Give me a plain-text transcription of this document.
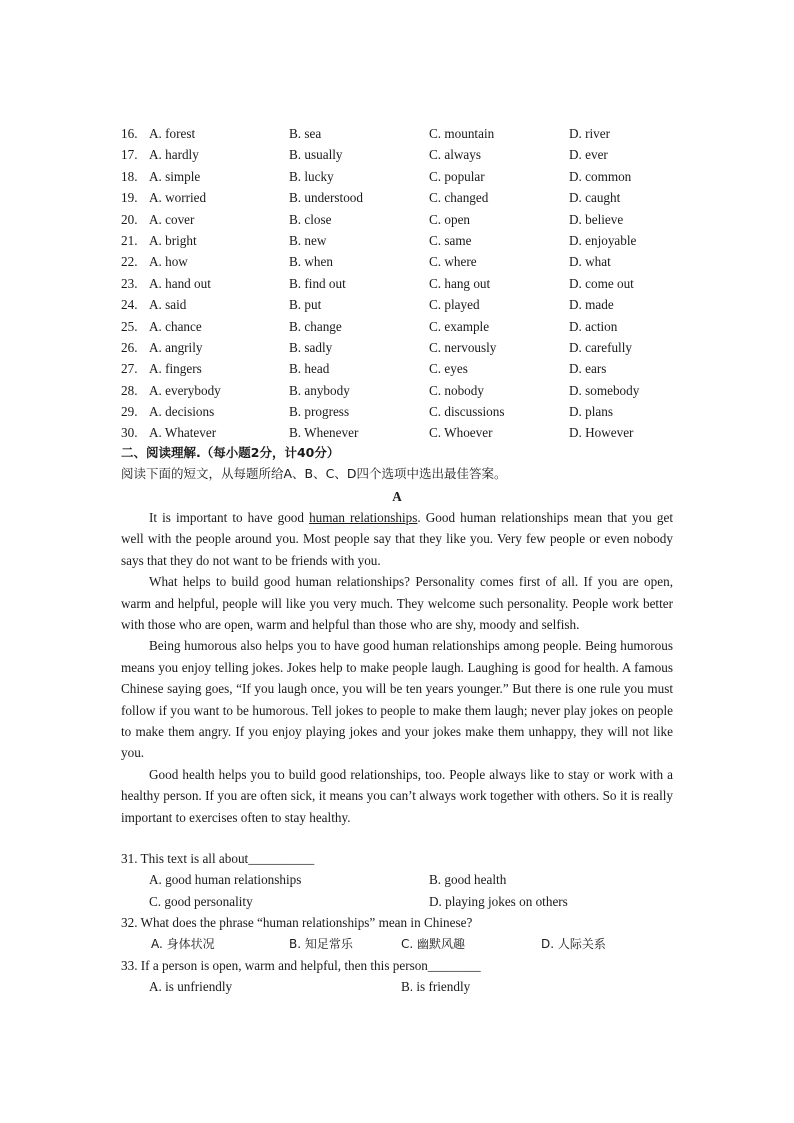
16. A. forest	B. sea	C. mountain	D. river
17. A. hardly	B. usually	C. always	D. ever
18. A. simple	B. lucky	C. popular	D. common
19. A. worried	B. understood	C. changed	D. caught
20. A. cover	B. close	C. open	D. believe
21. A. bright	B. new	C. same	D. enjoyable
22. A. how	B. when	C. where	D. what
23. A. hand out	B. find out	C. hang out	D. come out
24. A. said	B. put	C. played	D. made
25. A. chance	B. change	C. example	D. action
26. A. angrily	B. sadly	C. nervously	D. carefully
27. A. fingers	B. head	C. eyes	D. ears
28. A. everybody	B. anybody	C. nobody	D. somebody
29. A. decisions	B. progress	C. discussions	D. plans
30. A. Whatever	B. Whenever	C. Whoever	D. However
二、阅读理解.（每小题2分，计40分）
阅读下面的短文，从每题所给A、B、C、D四个选项中选出最佳答案。
A

It is important to have good human relationships. Good human relationships mean that you get well with the people around you. Most people say that they like you. Very few people or even nobody says that they do not want to be friends with you.

What helps to build good human relationships? Personality comes first of all. If you are open, warm and helpful, people will like you very much. They welcome such personality. People work better with those who are open, warm and helpful than those who are shy, moody and selfish.

Being humorous also helps you to have good human relationships among people. Being humorous means you enjoy telling jokes. Jokes help to make people laugh. Laughing is good for health. A famous Chinese saying goes, “If you laugh once, you will be ten years younger.” But there is one rule you must follow if you want to be humorous. Tell jokes to people to make them laugh; never play jokes on people to make them angry. If you enjoy playing jokes and your jokes make them unhappy, they will not like you.

Good health helps you to build good relationships, too. People always like to stay or work with a healthy person. If you are often sick, it means you can’t always work together with others. So it is really important to exercises often to stay healthy.

31. This text is all about__________
A. good human relationships	B. good health
C. good personality	D. playing jokes on others
32. What does the phrase “human relationships” mean in Chinese?
A. 身体状况	B. 知足常乐	C. 幽默风趣	D. 人际关系
33. If a person is open, warm and helpful, then this person________
A. is unfriendly	B. is friendly
